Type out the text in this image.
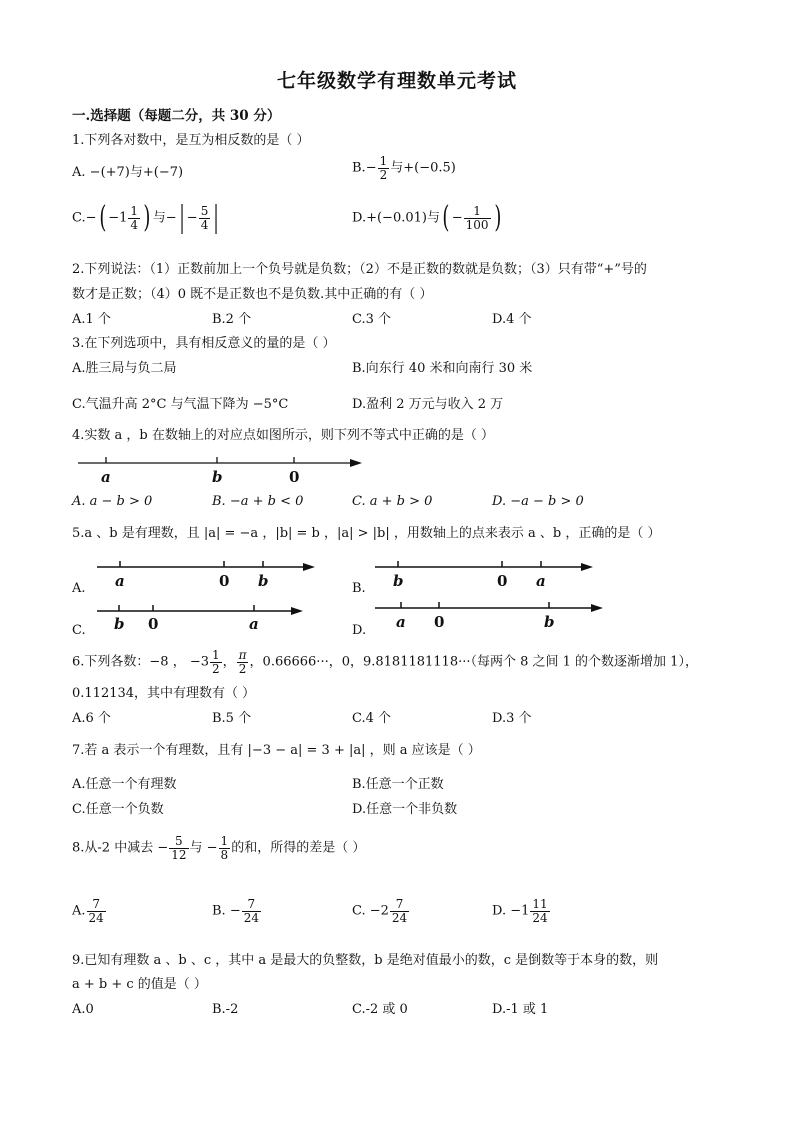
七年级数学有理数单元考试
一.选择题（每题二分，共 30 分）
1.下列各对数中，是互为相反数的是（ ）
A. −(+7)与+(−7)	$B.- \frac{1}{2}$ 与+(−0.5)
$C.-( -1 \frac{1}{4}$ ) 与−| − $\frac{5}{4}$ |	D.+(−0.01)与( − $\frac{1}{100}$ )
2.下列说法：（1）正数前加上一个负号就是负数；（2）不是正数的数就是负数；（3）只有带“+”号的
数才是正数；（4）0 既不是正数也不是负数.其中正确的有（ ）
A.1 个	B.2 个	C.3 个	D.4 个
3.在下列选项中，具有相反意义的量的是（ ）
A.胜三局与负二局	B.向东行 40 米和向南行 30 米
C.气温升高 2°C 与气温下降为 −5°C	D.盈利 2 万元与收入 2 万
4.实数 a ，b 在数轴上的对应点如图所示，则下列不等式中正确的是（ ）
a	b	0
A. a − b > 0	B. −a + b < 0	C. a + b > 0	D. −a − b > 0
5.a 、b 是有理数，且 |a| = −a ，|b| = b ，|a| > |b| ，用数轴上的点来表示 a 、b ，正确的是（ ）
A. a	0 b	B. b	0 a
C. b 0	a	D. a 0	b
6.下列各数：−8 ， $-3 \frac{1}{2}$ ， $\frac{\pi}{2}$ ，0.66666···，0，9.8181181118···（每两个 8 之间 1 的个数逐渐增加 1），
0.112134，其中有理数有（ ）
A.6 个	B.5 个	C.4 个	D.3 个
7.若 a 表示一个有理数，且有 |−3 − a| = 3 + |a| ，则 a 应该是（ ）
A.任意一个有理数	B.任意一个正数
C.任意一个负数	D.任意一个非负数
8.从-2 中减去 − $\frac{5}{12}$ 与 − $\frac{1}{8}$ 的和，所得的差是（ ）
A. $\frac{7}{24}$	B. − $\frac{7}{24}$	C. $-2 \frac{7}{24}$	D. $-1 \frac{11}{24}$
9.已知有理数 a 、b 、c ，其中 a 是最大的负整数，b 是绝对值最小的数，c 是倒数等于本身的数，则
a + b + c 的值是（ ）
A.0	B.-2	C.-2 或 0	D.-1 或 1
